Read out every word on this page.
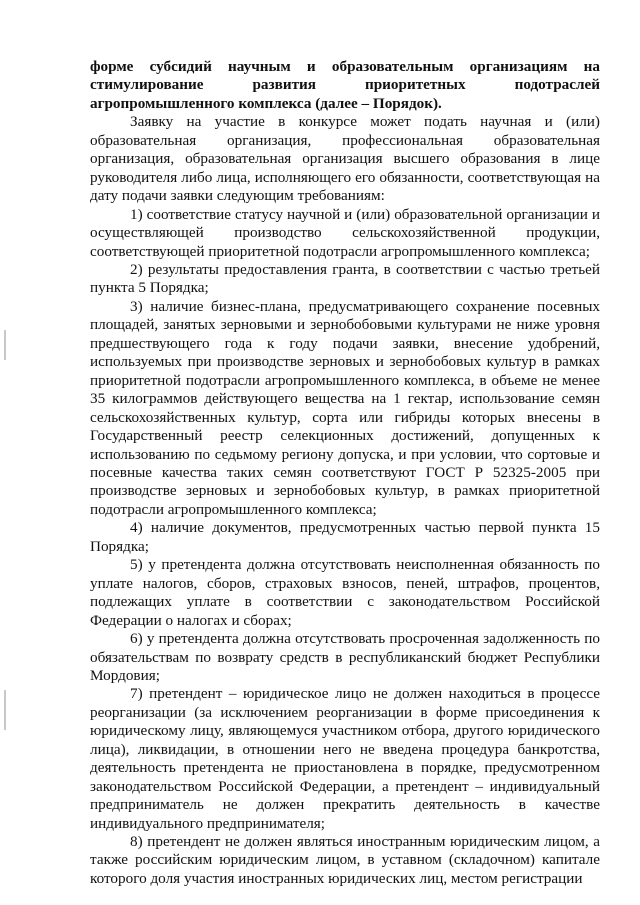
форме субсидий научным и образовательным организациям на стимулирование развития приоритетных подотраслей агропромышленного комплекса (далее – Порядок).

Заявку на участие в конкурсе может подать научная и (или) образовательная организация, профессиональная образовательная организация, образовательная организация высшего образования в лице руководителя либо лица, исполняющего его обязанности, соответствующая на дату подачи заявки следующим требованиям:

1) соответствие статусу научной и (или) образовательной организации и осуществляющей производство сельскохозяйственной продукции, соответствующей приоритетной подотрасли агропромышленного комплекса;

2) результаты предоставления гранта, в соответствии с частью третьей пункта 5 Порядка;

3) наличие бизнес-плана, предусматривающего сохранение посевных площадей, занятых зерновыми и зернобобовыми культурами не ниже уровня предшествующего года к году подачи заявки, внесение удобрений, используемых при производстве зерновых и зернобобовых культур в рамках приоритетной подотрасли агропромышленного комплекса, в объеме не менее 35 килограммов действующего вещества на 1 гектар, использование семян сельскохозяйственных культур, сорта или гибриды которых внесены в Государственный реестр селекционных достижений, допущенных к использованию по седьмому региону допуска, и при условии, что сортовые и посевные качества таких семян соответствуют ГОСТ Р 52325-2005 при производстве зерновых и зернобобовых культур, в рамках приоритетной подотрасли агропромышленного комплекса;

4) наличие документов, предусмотренных частью первой пункта 15 Порядка;

5) у претендента должна отсутствовать неисполненная обязанность по уплате налогов, сборов, страховых взносов, пеней, штрафов, процентов, подлежащих уплате в соответствии с законодательством Российской Федерации о налогах и сборах;

6) у претендента должна отсутствовать просроченная задолженность по обязательствам по возврату средств в республиканский бюджет Республики Мордовия;

7) претендент – юридическое лицо не должен находиться в процессе реорганизации (за исключением реорганизации в форме присоединения к юридическому лицу, являющемуся участником отбора, другого юридического лица), ликвидации, в отношении него не введена процедура банкротства, деятельность претендента не приостановлена в порядке, предусмотренном законодательством Российской Федерации, а претендент – индивидуальный предприниматель не должен прекратить деятельность в качестве индивидуального предпринимателя;

8) претендент не должен являться иностранным юридическим лицом, а также российским юридическим лицом, в уставном (складочном) капитале которого доля участия иностранных юридических лиц, местом регистрации
